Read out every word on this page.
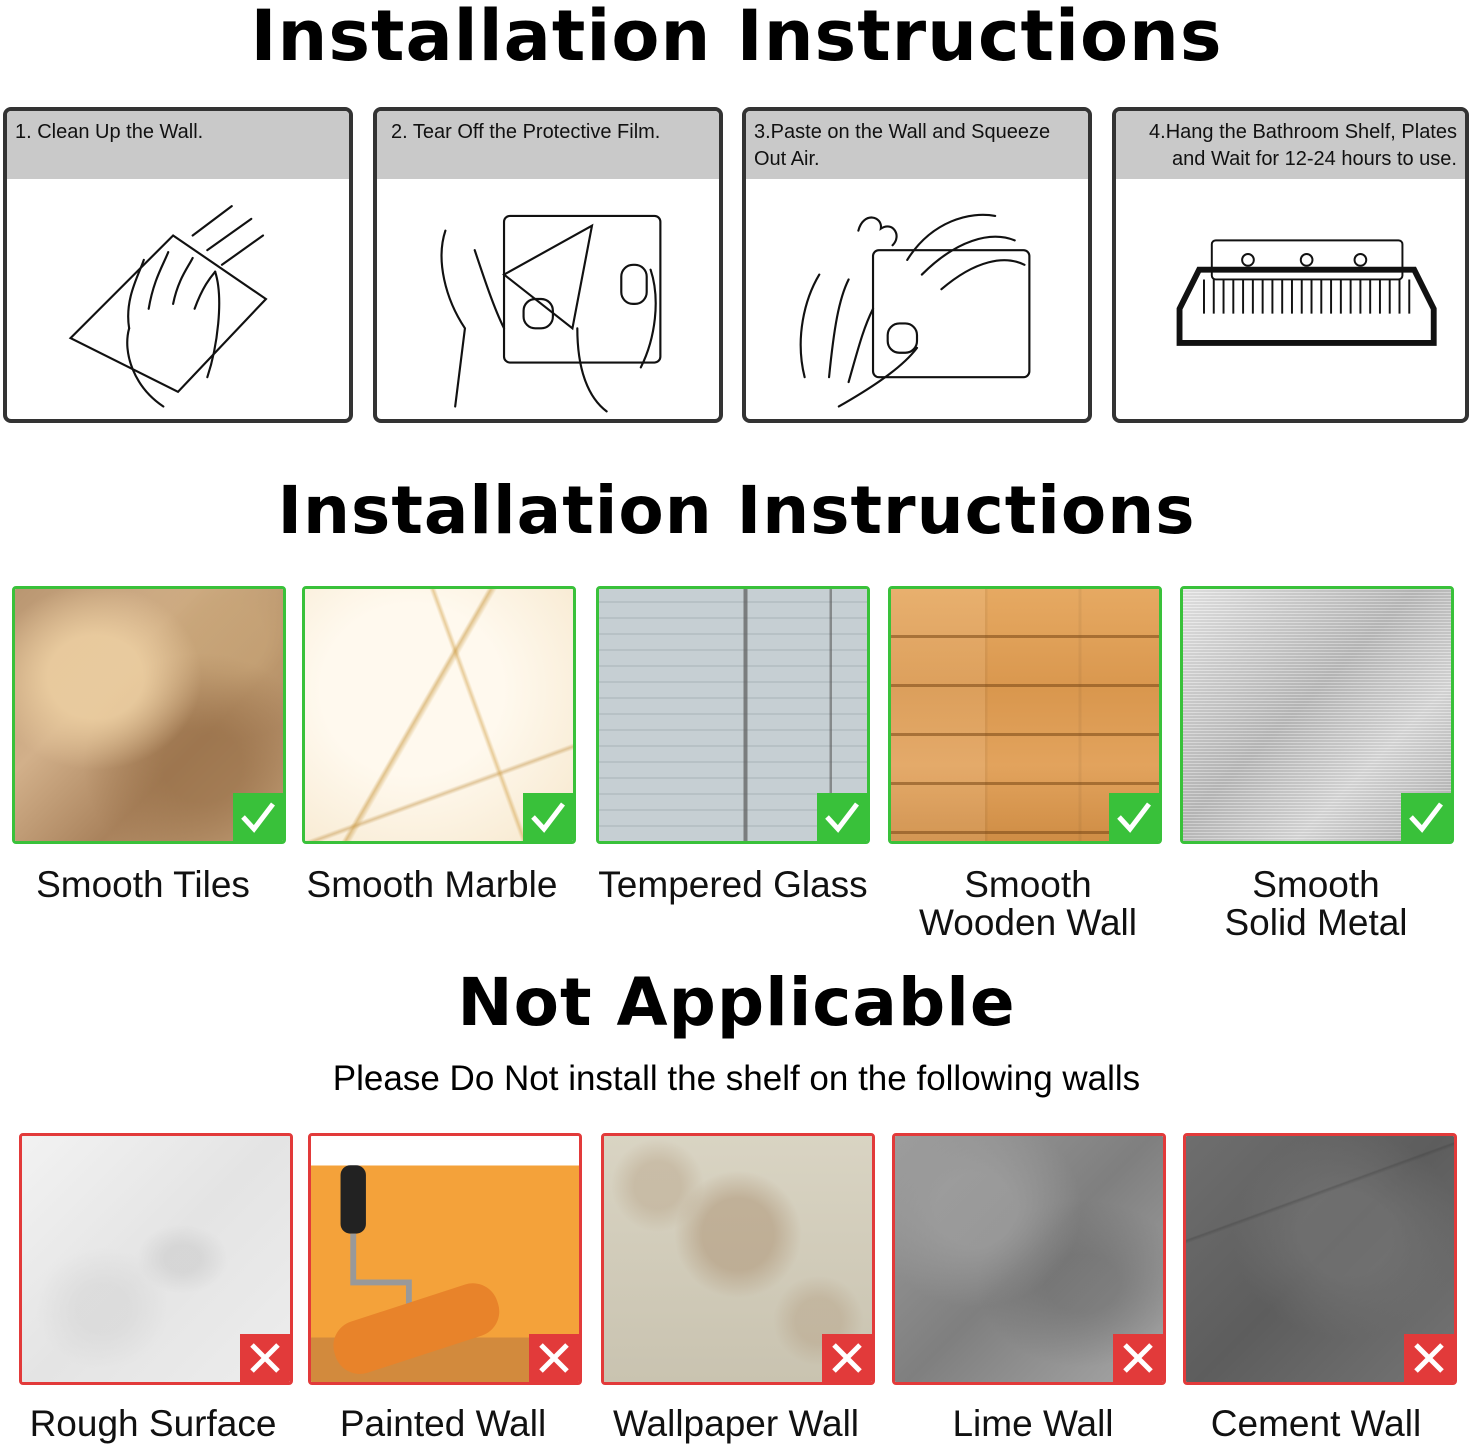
Installation Instructions
1. Clean Up the Wall.	2. Tear Off the Protective Film.	3.Paste on the Wall and Squeeze
Out Air.
4.Hang the Bathroom Shelf, Plates
and Wait for 12-24 hours to use.
Installation Instructions
Smooth Tiles	Smooth Marble	Tempered Glass	Smooth
Wooden Wall
Smooth
Solid Metal
Not Applicable
Please Do Not install the shelf on the following walls
Rough Surface	Painted Wall	Wallpaper Wall	Lime Wall	Cement Wall
